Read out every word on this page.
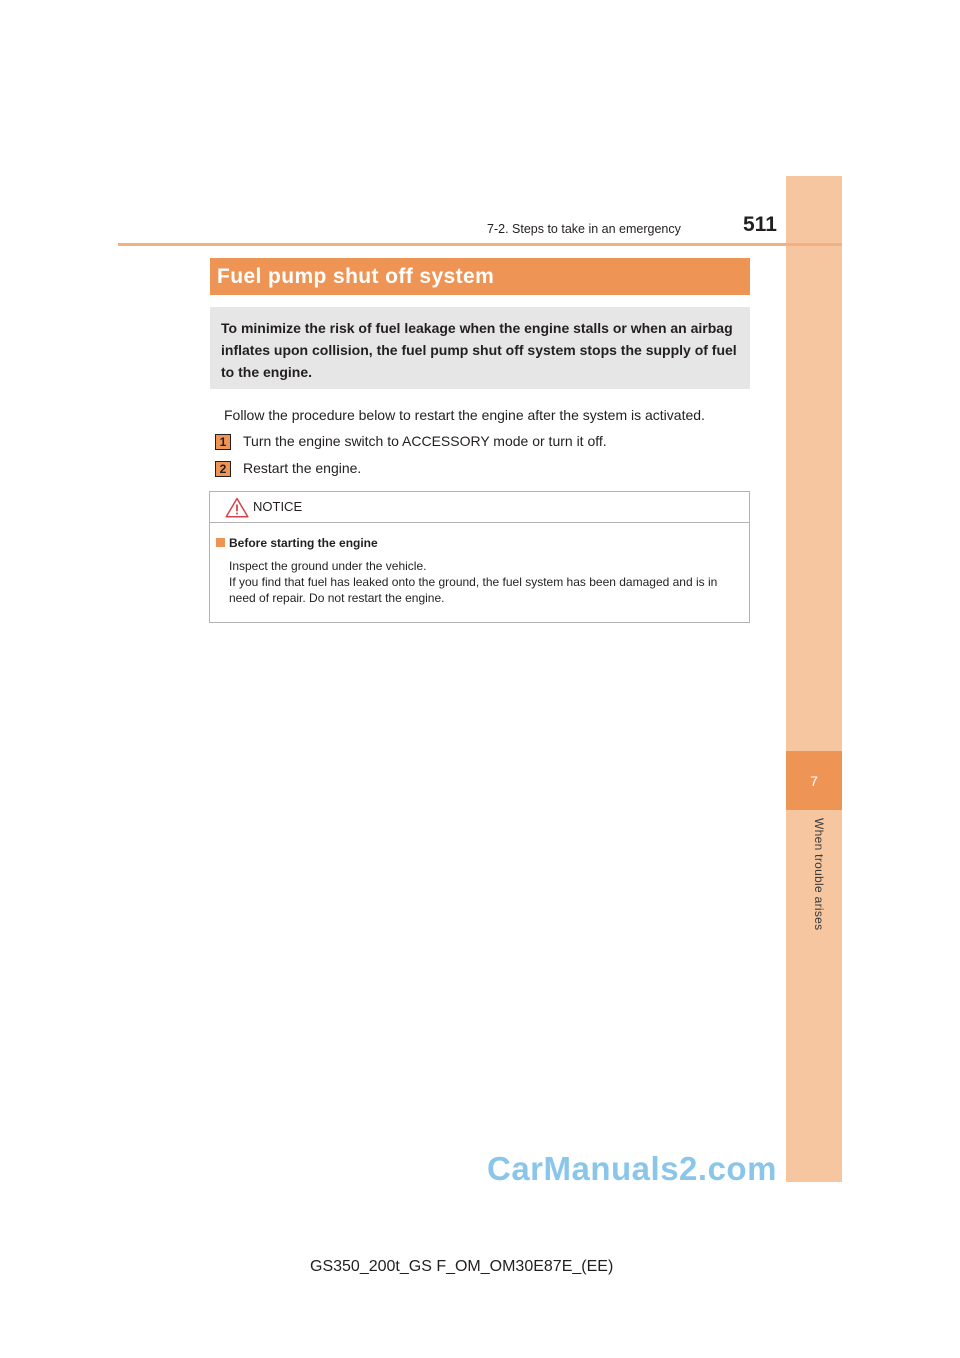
7
When trouble arises
7-2. Steps to take in an emergency	511
Fuel pump shut off system
To minimize the risk of fuel leakage when the engine stalls or when an airbag inflates upon collision, the fuel pump shut off system stops the supply of fuel to the engine.
Follow the procedure below to restart the engine after the system is activated.
1	Turn the engine switch to ACCESSORY mode or turn it off.
2	Restart the engine.
NOTICE
Before starting the engine
Inspect the ground under the vehicle.
If you find that fuel has leaked onto the ground, the fuel system has been damaged and is in need of repair. Do not restart the engine.
CarManuals2.com
GS350_200t_GS F_OM_OM30E87E_(EE)
